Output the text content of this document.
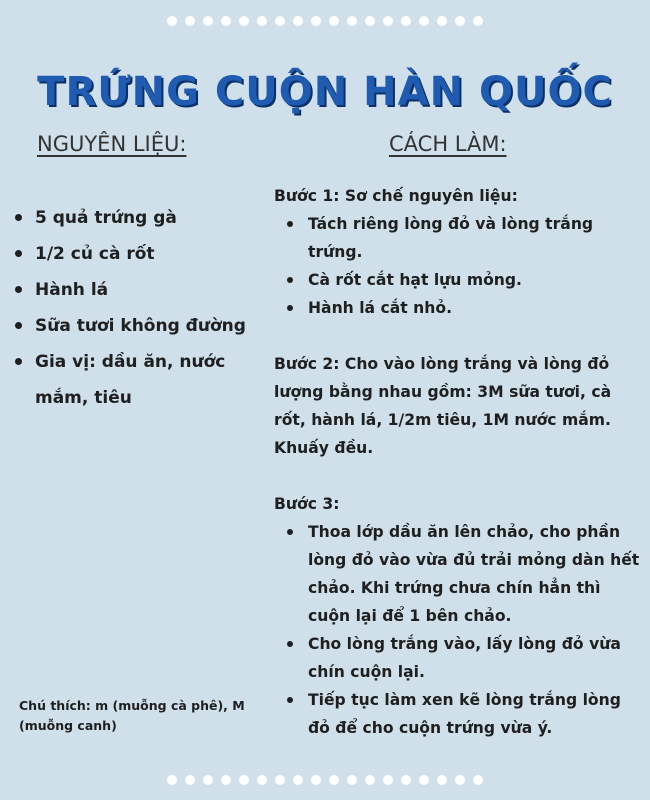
TRỨNG CUỘN HÀN QUỐC
NGUYÊN LIỆU:	CÁCH LÀM:
5 quả trứng gà
1/2 củ cà rốt
Hành lá
Sữa tươi không đường
Gia vị: dầu ăn, nước mắm, tiêu

Bước 1: Sơ chế nguyên liệu:

Tách riêng lòng đỏ và lòng trắng trứng.
Cà rốt cắt hạt lựu mỏng.
Hành lá cắt nhỏ.

Bước 2: Cho vào lòng trắng và lòng đỏ lượng bằng nhau gồm: 3M sữa tươi, cà rốt, hành lá, 1/2m tiêu, 1M nước mắm. Khuấy đều.

Bước 3:

Thoa lớp dầu ăn lên chảo, cho phần lòng đỏ vào vừa đủ trải mỏng dàn hết chảo. Khi trứng chưa chín hẳn thì cuộn lại để 1 bên chảo.
Cho lòng trắng vào, lấy lòng đỏ vừa chín cuộn lại.
Tiếp tục làm xen kẽ lòng trắng lòng đỏ để cho cuộn trứng vừa ý.
Chú thích: m (muỗng cà phê), M (muỗng canh)
